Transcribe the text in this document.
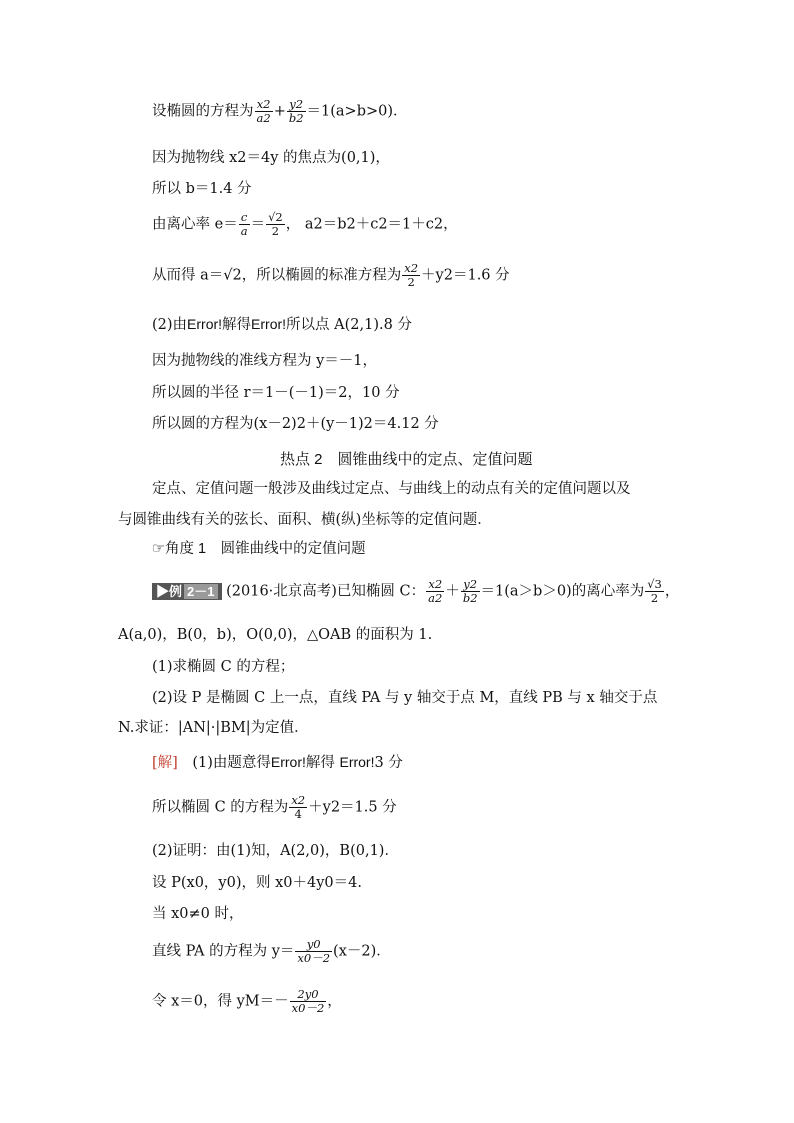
设椭圆的方程为 $\frac{x2}{a2} + \frac{y2}{b2} =1(a>b>0)$．
因为抛物线 x2＝4y 的焦点为(0,1)，
所以 b＝1.4 分
由离心率 $e= \frac{c}{a} = \frac{√2}{2}$ ， a2＝b2＋c2＝1＋c2，
从而得 a＝√2，所以椭圆的标准方程为 $\frac{x2}{2} +y2=1.6$ 分
(2)由Error!解得Error!所以点 A(2,1).8 分
因为抛物线的准线方程为 y＝－1，
所以圆的半径 r＝1－(－1)＝2，10 分
所以圆的方程为(x－2)2＋(y－1)2＝4.12 分
热点 2　圆锥曲线中的定点、定值问题
定点、定值问题一般涉及曲线过定点、与曲线上的动点有关的定值问题以及
与圆锥曲线有关的弦长、面积、横(纵)坐标等的定值问题．
☞角度 1　圆锥曲线中的定值问题
▶例 2－1 (2016·北京高考)已知椭圆 C： $\frac{x2}{a2} + \frac{y2}{b2} =1(a>b>0)$的离心率为 $\frac{√3}{2}$ ，
A(a,0)，B(0，b)，O(0,0)，△OAB 的面积为 1.
(1)求椭圆 C 的方程；
(2)设 P 是椭圆 C 上一点，直线 PA 与 y 轴交于点 M，直线 PB 与 x 轴交于点
N.求证：|AN|·|BM|为定值．
[解]　(1)由题意得Error!解得 Error!3 分
所以椭圆 C 的方程为 $\frac{x2}{4} +y2=1.5$ 分
(2)证明：由(1)知，A(2,0)，B(0,1)．
设 P(x0，y0)，则 x0＋4y0＝4.
当 x0≠0 时，
直线 PA 的方程为 $y= \frac{y0}{x0-2} (x-2)$．
令 x＝0，得 $yM=- \frac{2y0}{x0-2}$ ，
